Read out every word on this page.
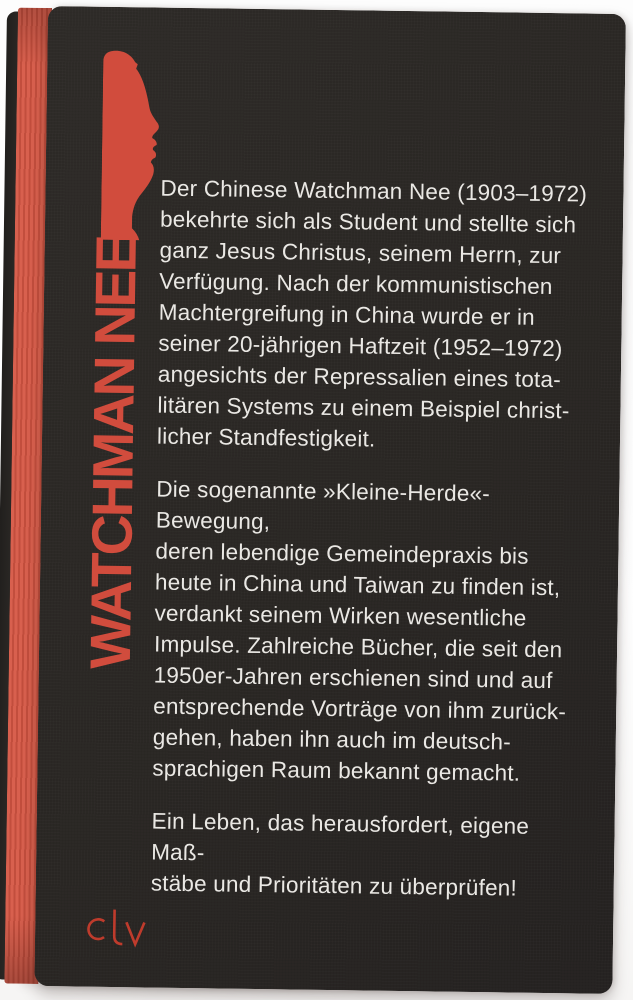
WATCHMAN NEE

Der Chinese Watchman Nee (1903–1972)
bekehrte sich als Student und stellte sich
ganz Jesus Christus, seinem Herrn, zur
Verfügung. Nach der kommunistischen
Machtergreifung in China wurde er in
seiner 20-jährigen Haftzeit (1952–1972)
angesichts der Repressalien eines tota-
litären Systems zu einem Beispiel christ-
licher Standfestigkeit.

Die sogenannte »Kleine-Herde«-Bewegung,
deren lebendige Gemeindepraxis bis
heute in China und Taiwan zu finden ist,
verdankt seinem Wirken wesentliche
Impulse. Zahlreiche Bücher, die seit den
1950er-Jahren erschienen sind und auf
entsprechende Vorträge von ihm zurück-
gehen, haben ihn auch im deutsch-
sprachigen Raum bekannt gemacht.

Ein Leben, das herausfordert, eigene Maß-
stäbe und Prioritäten zu überprüfen!
